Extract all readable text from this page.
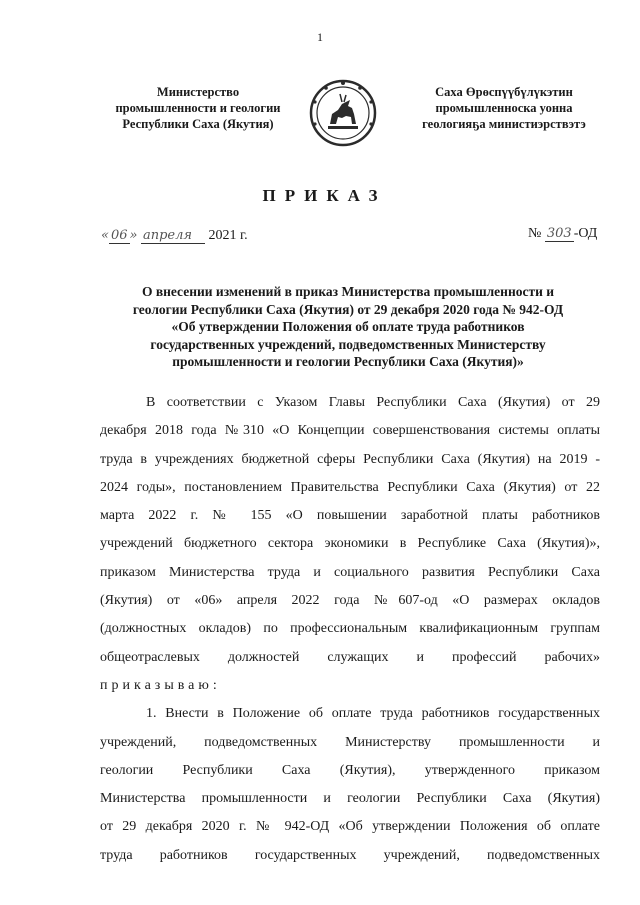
1
Министерство
промышленности и геологии
Республики Саха (Якутия)
Саха Өрөспүүбүлүкэтин
промышленноска уонна
геологияҕа министиэрствэтэ
ПРИКАЗ
« 06 » апреля 2021 г.	№ 303 -ОД
О внесении изменений в приказ Министерства промышленности и
геологии Республики Саха (Якутия) от 29 декабря 2020 года № 942-ОД
«Об утверждении Положения об оплате труда работников
государственных учреждений, подведомственных Министерству
промышленности и геологии Республики Саха (Якутия)»
В соответствии с Указом Главы Республики Саха (Якутия) от 29
декабря 2018 года №310 «О Концепции совершенствования системы оплаты
труда в учреждениях бюджетной сферы Республики Саха (Якутия) на 2019 -
2024 годы», постановлением Правительства Республики Саха (Якутия) от 22
марта 2022 г. № 155 «О повышении заработной платы работников
учреждений бюджетного сектора экономики в Республике Саха (Якутия)»,
приказом Министерства труда и социального развития Республики Саха
(Якутия) от «06» апреля 2022 года №607-од «О размерах окладов
(должностных окладов) по профессиональным квалификационным группам
общеотраслевых должностей служащих и профессий рабочих»
приказываю:
1. Внести в Положение об оплате труда работников государственных
учреждений, подведомственных Министерству промышленности и
геологии Республики Саха (Якутия), утвержденного приказом
Министерства промышленности и геологии Республики Саха (Якутия)
от 29 декабря 2020 г. № 942-ОД «Об утверждении Положения об оплате
труда работников государственных учреждений, подведомственных
